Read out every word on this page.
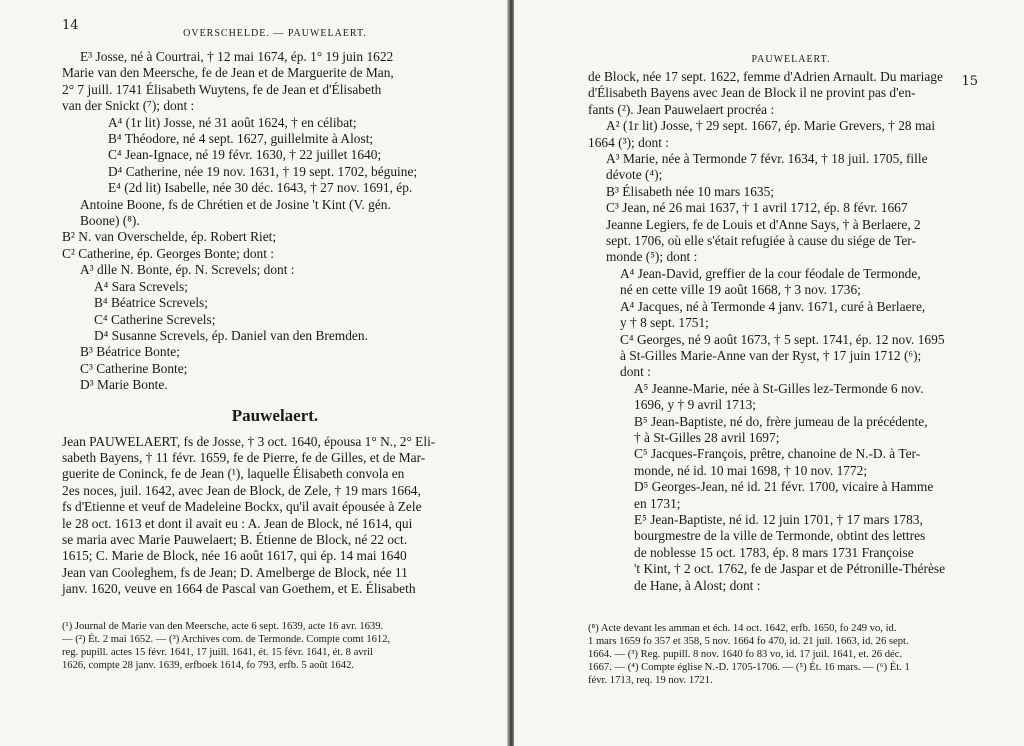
14
OVERSCHELDE. — PAUWELAERT.
E³ Josse, né à Courtrai, † 12 mai 1674, ép. 1° 19 juin 1622
Marie van den Meersche, fe de Jean et de Marguerite de Man,
2° 7 juill. 1741 Élisabeth Wuytens, fe de Jean et d'Élisabeth
van der Snickt (⁷); dont :
A⁴ (1r lit) Josse, né 31 août 1624, † en célibat;
B⁴ Théodore, né 4 sept. 1627, guillelmite à Alost;
C⁴ Jean-Ignace, né 19 févr. 1630, † 22 juillet 1640;
D⁴ Catherine, née 19 nov. 1631, † 19 sept. 1702, béguine;
E⁴ (2d lit) Isabelle, née 30 déc. 1643, † 27 nov. 1691, ép.
Antoine Boone, fs de Chrétien et de Josine 't Kint (V. gén.
Boone) (⁸).
B² N. van Overschelde, ép. Robert Riet;
C² Catherine, ép. Georges Bonte; dont :
A³ dlle N. Bonte, ép. N. Screvels; dont :
A⁴ Sara Screvels;
B⁴ Béatrice Screvels;
C⁴ Catherine Screvels;
D⁴ Susanne Screvels, ép. Daniel van den Bremden.
B³ Béatrice Bonte;
C³ Catherine Bonte;
D³ Marie Bonte.
Pauwelaert.
Jean PAUWELAERT, fs de Josse, † 3 oct. 1640, épousa 1° N., 2° Eli-
sabeth Bayens, † 11 févr. 1659, fe de Pierre, fe de Gilles, et de Mar-
guerite de Coninck, fe de Jean (¹), laquelle Élisabeth convola en
2es noces, juil. 1642, avec Jean de Block, de Zele, † 19 mars 1664,
fs d'Etienne et veuf de Madeleine Bockx, qu'il avait épousée à Zele
le 28 oct. 1613 et dont il avait eu : A. Jean de Block, né 1614, qui
se maria avec Marie Pauwelaert; B. Étienne de Block, né 22 oct.
1615; C. Marie de Block, née 16 août 1617, qui ép. 14 mai 1640
Jean van Cooleghem, fs de Jean; D. Amelberge de Block, née 11
janv. 1620, veuve en 1664 de Pascal van Goethem, et E. Élisabeth
(¹) Journal de Marie van den Meersche, acte 6 sept. 1639, acte 16 avr. 1639.
— (²) Ét. 2 mai 1652. — (³) Archives com. de Termonde. Compte comt 1612,
reg. pupill. actes 15 févr. 1641, 17 juill. 1641, ét. 15 févr. 1641, ét. 8 avril
1626, compte 28 janv. 1639, erfboek 1614, fo 793, erfb. 5 août 1642.
15
PAUWELAERT.
de Block, née 17 sept. 1622, femme d'Adrien Arnault. Du mariage
d'Élisabeth Bayens avec Jean de Block il ne provint pas d'en-
fants (²). Jean Pauwelaert procréa :
A² (1r lit) Josse, † 29 sept. 1667, ép. Marie Grevers, † 28 mai
1664 (³); dont :
A³ Marie, née à Termonde 7 févr. 1634, † 18 juil. 1705, fille
dévote (⁴);
B³ Élisabeth née 10 mars 1635;
C³ Jean, né 26 mai 1637, † 1 avril 1712, ép. 8 févr. 1667
Jeanne Legiers, fe de Louis et d'Anne Says, † à Berlaere, 2
sept. 1706, où elle s'était refugiée à cause du siége de Ter-
monde (⁵); dont :
A⁴ Jean-David, greffier de la cour féodale de Termonde,
né en cette ville 19 août 1668, † 3 nov. 1736;
A⁴ Jacques, né à Termonde 4 janv. 1671, curé à Berlaere,
y † 8 sept. 1751;
C⁴ Georges, né 9 août 1673, † 5 sept. 1741, ép. 12 nov. 1695
à St-Gilles Marie-Anne van der Ryst, † 17 juin 1712 (⁶);
dont :
A⁵ Jeanne-Marie, née à St-Gilles lez-Termonde 6 nov.
1696, y † 9 avril 1713;
B⁵ Jean-Baptiste, né do, frère jumeau de la précédente,
† à St-Gilles 28 avril 1697;
C⁵ Jacques-François, prêtre, chanoine de N.-D. à Ter-
monde, né id. 10 mai 1698, † 10 nov. 1772;
D⁵ Georges-Jean, né id. 21 févr. 1700, vicaire à Hamme
en 1731;
E⁵ Jean-Baptiste, né id. 12 juin 1701, † 17 mars 1783,
bourgmestre de la ville de Termonde, obtint des lettres
de noblesse 15 oct. 1783, ép. 8 mars 1731 Françoise
't Kint, † 2 oct. 1762, fe de Jaspar et de Pétronille-Thérèse
de Hane, à Alost; dont :
(⁸) Acte devant les amman et éch. 14 oct. 1642, erfb. 1650, fo 249 vo, id.
1 mars 1659 fo 357 et 358, 5 nov. 1664 fo 470, id. 21 juil. 1663, id. 26 sept.
1664. — (³) Reg. pupill. 8 nov. 1640 fo 83 vo, id. 17 juil. 1641, et. 26 déc.
1667. — (⁴) Compte église N.-D. 1705-1706. — (⁵) Ét. 16 mars. — (⁶) Ét. 1
févr. 1713, req. 19 nov. 1721.
